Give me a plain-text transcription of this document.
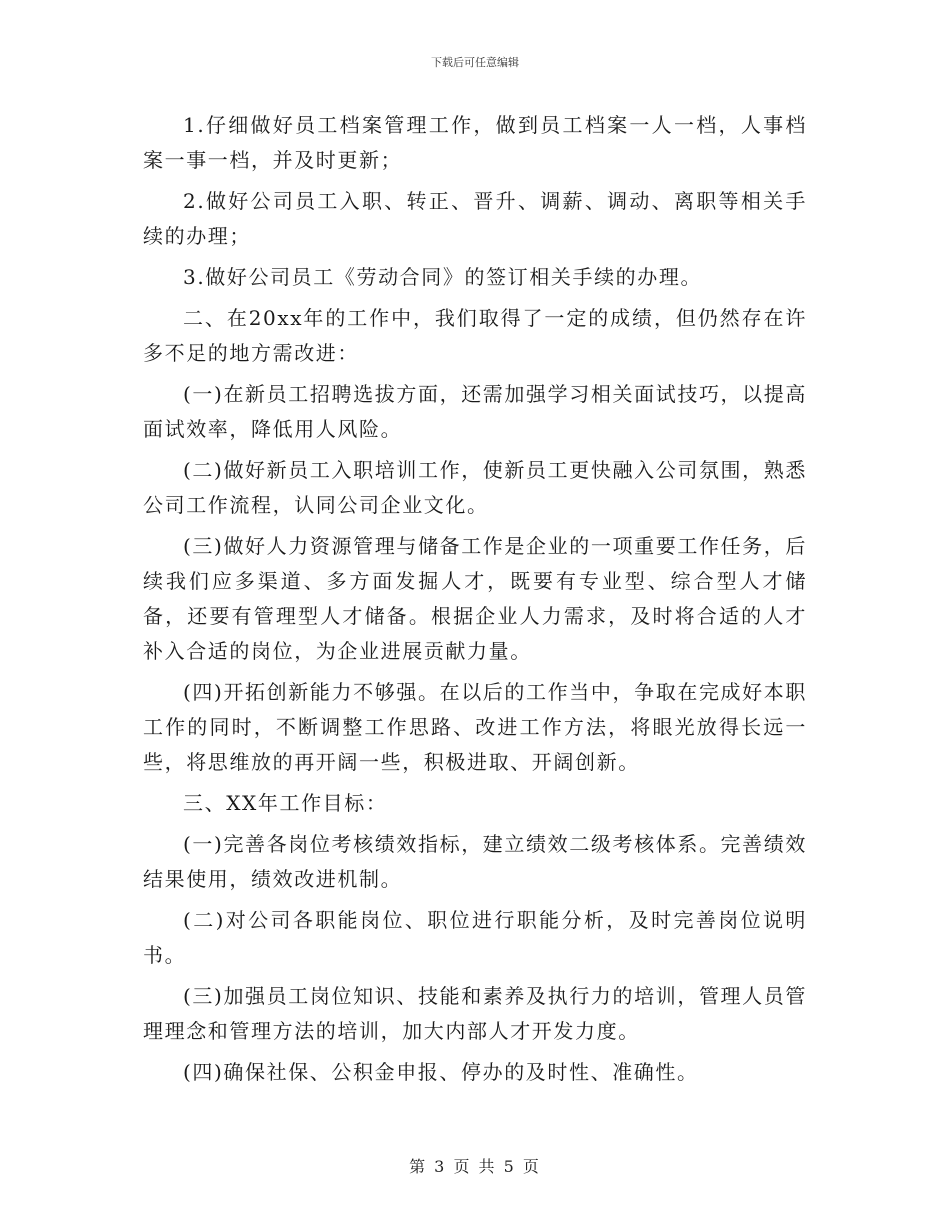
下载后可任意编辑

1.仔细做好员工档案管理工作，做到员工档案一人一档，人事档案一事一档，并及时更新；

2.做好公司员工入职、转正、晋升、调薪、调动、离职等相关手续的办理；

3.做好公司员工《劳动合同》的签订相关手续的办理。

二、在20xx年的工作中，我们取得了一定的成绩，但仍然存在许多不足的地方需改进：

(一)在新员工招聘选拔方面，还需加强学习相关面试技巧，以提高面试效率，降低用人风险。

(二)做好新员工入职培训工作，使新员工更快融入公司氛围，熟悉公司工作流程，认同公司企业文化。

(三)做好人力资源管理与储备工作是企业的一项重要工作任务，后续我们应多渠道、多方面发掘人才，既要有专业型、综合型人才储备，还要有管理型人才储备。根据企业人力需求，及时将合适的人才补入合适的岗位，为企业进展贡献力量。

(四)开拓创新能力不够强。在以后的工作当中，争取在完成好本职工作的同时，不断调整工作思路、改进工作方法，将眼光放得长远一些，将思维放的再开阔一些，积极进取、开阔创新。

三、XX年工作目标：

(一)完善各岗位考核绩效指标，建立绩效二级考核体系。完善绩效结果使用，绩效改进机制。

(二)对公司各职能岗位、职位进行职能分析，及时完善岗位说明书。

(三)加强员工岗位知识、技能和素养及执行力的培训，管理人员管理理念和管理方法的培训，加大内部人才开发力度。

(四)确保社保、公积金申报、停办的及时性、准确性。

第 3 页 共 5 页
